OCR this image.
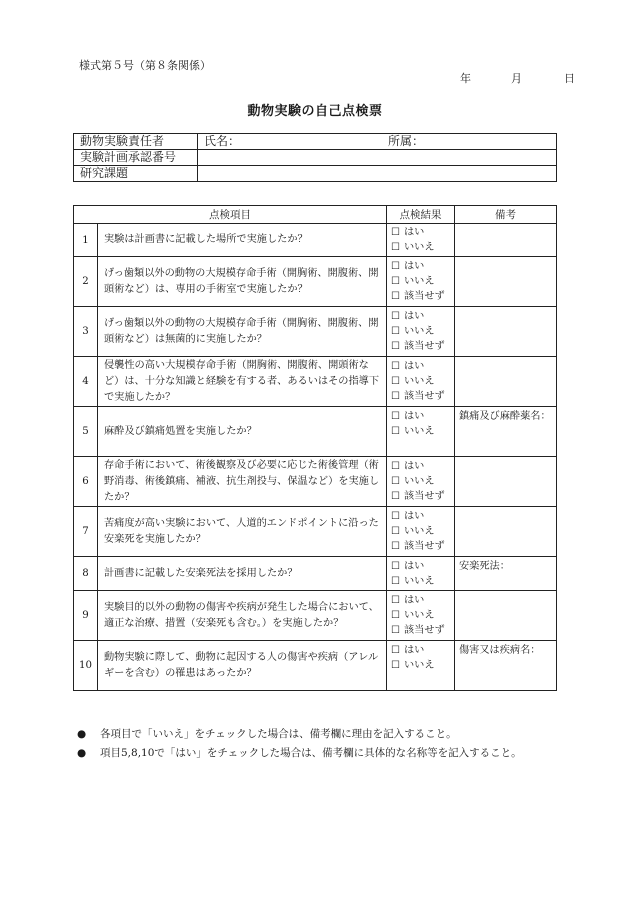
様式第５号（第８条関係）
年	月	日
動物実験の自己点検票
動物実験責任者	氏名： 所属：

実験計画承認番号	
研究課題	
点検項目		点検結果	備考
1	実験は計画書に記載した場所で実施したか？	☐ はい
☐ いいえ	

2	げっ歯類以外の動物の大規模存命手術（開胸術、開腹術、開頭術など）は、専用の手術室で実施したか？	☐ はい
☐ いいえ
☐ 該当せず	

3	げっ歯類以外の動物の大規模存命手術（開胸術、開腹術、開頭術など）は無菌的に実施したか？	☐ はい
☐ いいえ
☐ 該当せず	

4	侵襲性の高い大規模存命手術（開胸術、開腹術、開頭術など）は、十分な知識と経験を有する者、あるいはその指導下で実施したか？	☐ はい
☐ いいえ
☐ 該当せず	

5	麻酔及び鎮痛処置を実施したか？	☐ はい
☐ いいえ	鎮痛及び麻酔薬名：
6	存命手術において、術後観察及び必要に応じた術後管理（術野消毒、術後鎮痛、補液、抗生剤投与、保温など）を実施したか？	☐ はい
☐ いいえ
☐ 該当せず	

7	苦痛度が高い実験において、人道的エンドポイントに沿った安楽死を実施したか？	☐ はい
☐ いいえ
☐ 該当せず	

8	計画書に記載した安楽死法を採用したか？	☐ はい
☐ いいえ	安楽死法：
9	実験目的以外の動物の傷害や疾病が発生した場合において、適正な治療、措置（安楽死も含む。）を実施したか？	☐ はい
☐ いいえ
☐ 該当せず	

10	動物実験に際して、動物に起因する人の傷害や疾病（アレルギーを含む）の罹患はあったか？	☐ はい
☐ いいえ	傷害又は疾病名：
● 各項目で「いいえ」をチェックした場合は、備考欄に理由を記入すること。
● 項目5,8,10で「はい」をチェックした場合は、備考欄に具体的な名称等を記入すること。
